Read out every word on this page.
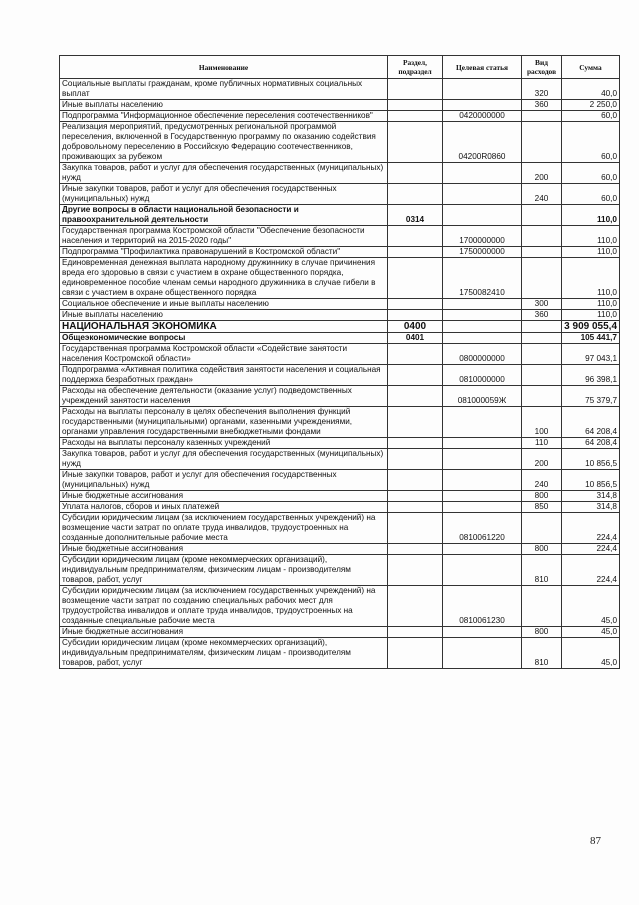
Наименование	Раздел, подраздел	Целевая статья	Вид расходов	Сумма
Социальные выплаты гражданам, кроме публичных нормативных социальных выплат			320	40,0
Иные выплаты населению			360	2 250,0
Подпрограмма "Информационное обеспечение переселения соотечественников"		0420000000		60,0
Реализация мероприятий, предусмотренных региональной программой переселения, включенной в Государственную программу по оказанию содействия добровольному переселению в Российскую Федерацию соотечественников, проживающих за рубежом		04200R0860		60,0
Закупка товаров, работ и услуг для обеспечения государственных (муниципальных) нужд			200	60,0
Иные закупки товаров, работ и услуг для обеспечения государственных (муниципальных) нужд			240	60,0
Другие вопросы в области национальной безопасности и правоохранительной деятельности	0314			110,0
Государственная программа Костромской области "Обеспечение безопасности населения и территорий на 2015-2020 годы"		1700000000		110,0
Подпрограмма "Профилактика правонарушений в Костромской области"		1750000000		110,0
Единовременная денежная выплата народному дружиннику в случае причинения вреда его здоровью в связи с участием в охране общественного порядка, единовременное пособие членам семьи народного дружинника в случае гибели в связи с участием в охране общественного порядка		1750082410		110,0
Социальное обеспечение и иные выплаты населению			300	110,0
Иные выплаты населению			360	110,0
НАЦИОНАЛЬНАЯ ЭКОНОМИКА	0400			3 909 055,4
Общеэкономические вопросы	0401			105 441,7
Государственная программа Костромской области «Содействие занятости населения Костромской области»		0800000000		97 043,1
Подпрограмма «Активная политика содействия занятости населения и социальная поддержка безработных граждан»		0810000000		96 398,1
Расходы на обеспечение деятельности (оказание услуг) подведомственных учреждений занятости населения		081000059Ж		75 379,7
Расходы на выплаты персоналу в целях обеспечения выполнения функций государственными (муниципальными) органами, казенными учреждениями, органами управления государственными внебюджетными фондами			100	64 208,4
Расходы на выплаты персоналу казенных учреждений			110	64 208,4
Закупка товаров, работ и услуг для обеспечения государственных (муниципальных) нужд			200	10 856,5
Иные закупки товаров, работ и услуг для обеспечения государственных (муниципальных) нужд			240	10 856,5
Иные бюджетные ассигнования			800	314,8
Уплата налогов, сборов и иных платежей			850	314,8
Субсидии юридическим лицам (за исключением государственных учреждений) на возмещение части затрат по оплате труда инвалидов, трудоустроенных на созданные дополнительные рабочие места		0810061220		224,4
Иные бюджетные ассигнования			800	224,4
Субсидии юридическим лицам (кроме некоммерческих организаций), индивидуальным предпринимателям, физическим лицам - производителям товаров, работ, услуг			810	224,4
Субсидии юридическим лицам (за исключением государственных учреждений) на возмещение части затрат по созданию специальных рабочих мест для трудоустройства инвалидов и оплате труда инвалидов, трудоустроенных на созданные специальные рабочие места		0810061230		45,0
Иные бюджетные ассигнования			800	45,0
Субсидии юридическим лицам (кроме некоммерческих организаций), индивидуальным предпринимателям, физическим лицам - производителям товаров, работ, услуг			810	45,0
87
